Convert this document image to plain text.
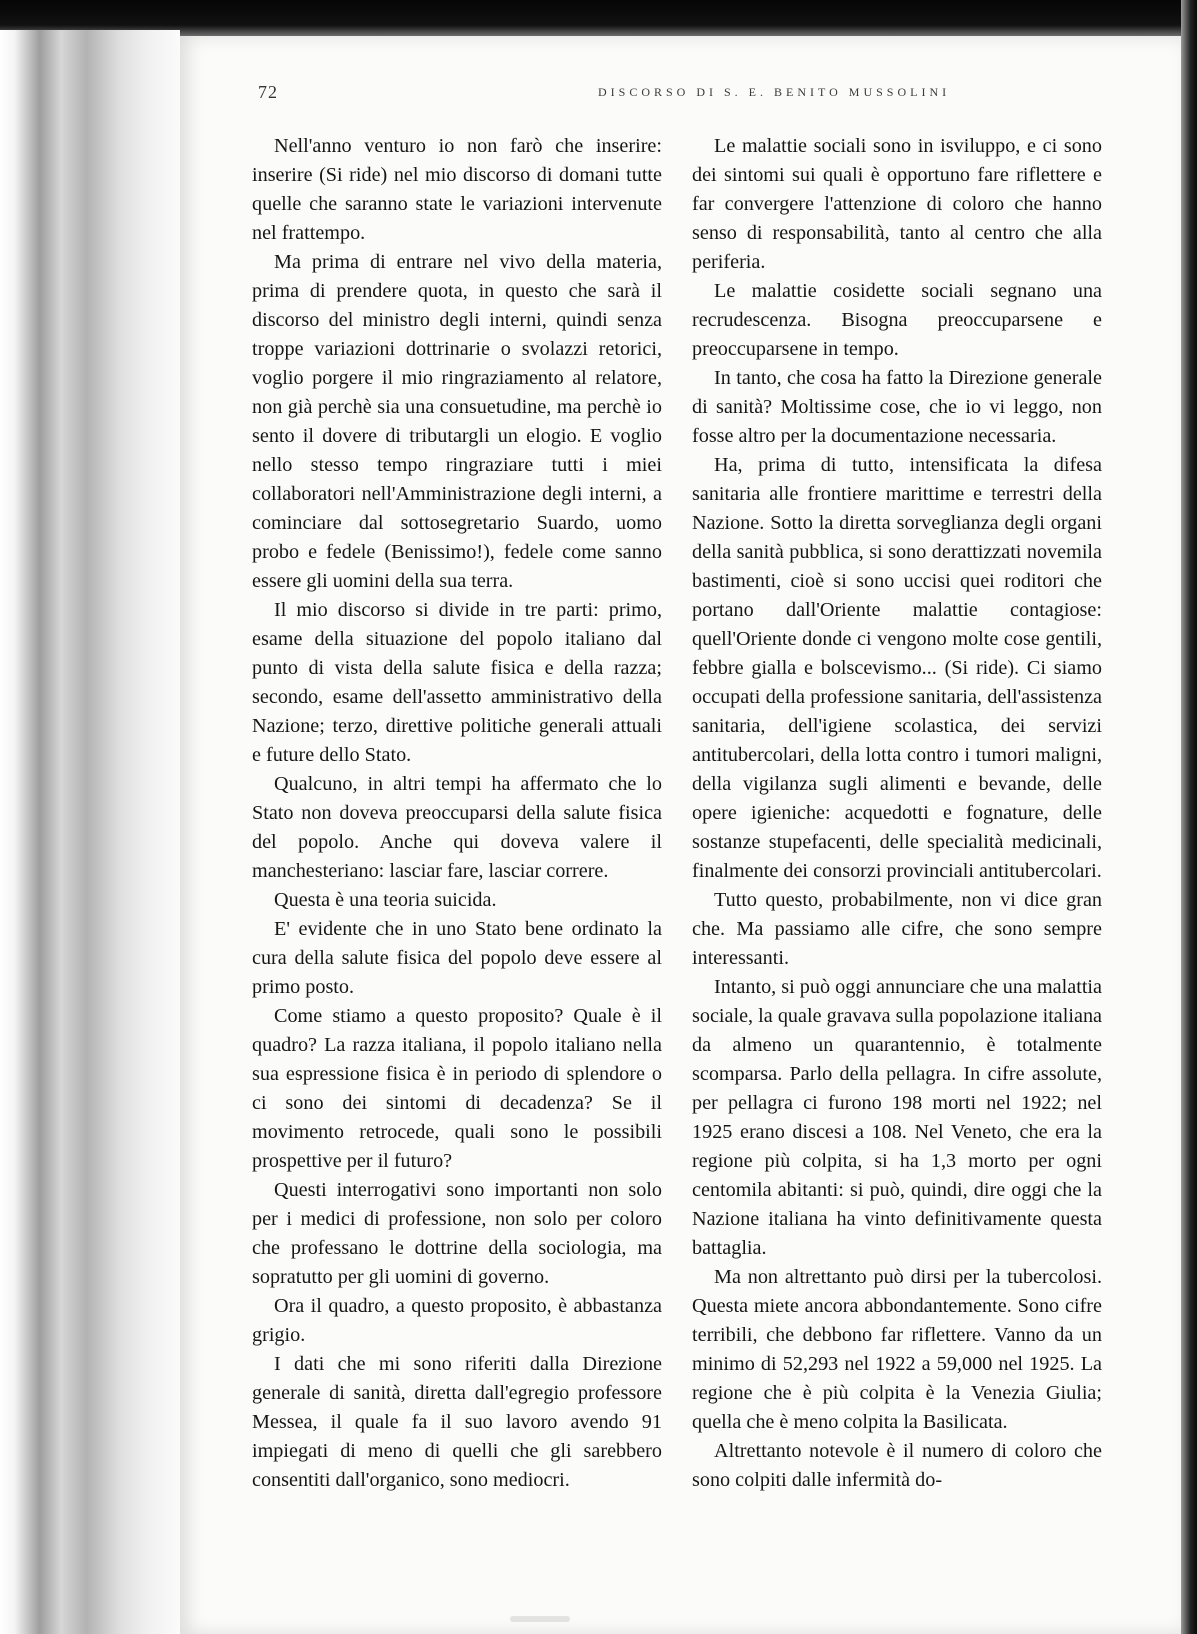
72	DISCORSO DI S. E. BENITO MUSSOLINI

Nell'anno venturo io non farò che inserire: inserire (Si ride) nel mio discorso di domani tutte quelle che saranno state le variazioni intervenute nel frattempo.

Ma prima di entrare nel vivo della materia, prima di prendere quota, in questo che sarà il discorso del ministro degli interni, quindi senza troppe variazioni dottrinarie o svolazzi retorici, voglio porgere il mio ringraziamento al relatore, non già perchè sia una consuetudine, ma perchè io sento il dovere di tributargli un elogio. E voglio nello stesso tempo ringraziare tutti i miei collaboratori nell'Amministrazione degli interni, a cominciare dal sottosegretario Suardo, uomo probo e fedele (Benissimo!), fedele come sanno essere gli uomini della sua terra.

Il mio discorso si divide in tre parti: primo, esame della situazione del popolo italiano dal punto di vista della salute fisica e della razza; secondo, esame dell'assetto amministrativo della Nazione; terzo, direttive politiche generali attuali e future dello Stato.

Qualcuno, in altri tempi ha affermato che lo Stato non doveva preoccuparsi della salute fisica del popolo. Anche qui doveva valere il manchesteriano: lasciar fare, lasciar correre.

Questa è una teoria suicida.

E' evidente che in uno Stato bene ordinato la cura della salute fisica del popolo deve essere al primo posto.

Come stiamo a questo proposito? Quale è il quadro? La razza italiana, il popolo italiano nella sua espressione fisica è in periodo di splendore o ci sono dei sintomi di decadenza? Se il movimento retrocede, quali sono le possibili prospettive per il futuro?

Questi interrogativi sono importanti non solo per i medici di professione, non solo per coloro che professano le dottrine della sociologia, ma sopratutto per gli uomini di governo.

Ora il quadro, a questo proposito, è abbastanza grigio.

I dati che mi sono riferiti dalla Direzione generale di sanità, diretta dall'egregio professore Messea, il quale fa il suo lavoro avendo 91 impiegati di meno di quelli che gli sarebbero consentiti dall'organico, sono mediocri.

Le malattie sociali sono in isviluppo, e ci sono dei sintomi sui quali è opportuno fare riflettere e far convergere l'attenzione di coloro che hanno senso di responsabilità, tanto al centro che alla periferia.

Le malattie cosidette sociali segnano una recrudescenza. Bisogna preoccuparsene e preoccuparsene in tempo.

In tanto, che cosa ha fatto la Direzione generale di sanità? Moltissime cose, che io vi leggo, non fosse altro per la documentazione necessaria.

Ha, prima di tutto, intensificata la difesa sanitaria alle frontiere marittime e terrestri della Nazione. Sotto la diretta sorveglianza degli organi della sanità pubblica, si sono derattizzati novemila bastimenti, cioè si sono uccisi quei roditori che portano dall'Oriente malattie contagiose: quell'Oriente donde ci vengono molte cose gentili, febbre gialla e bolscevismo... (Si ride). Ci siamo occupati della professione sanitaria, dell'assistenza sanitaria, dell'igiene scolastica, dei servizi antitubercolari, della lotta contro i tumori maligni, della vigilanza sugli alimenti e bevande, delle opere igieniche: acquedotti e fognature, delle sostanze stupefacenti, delle specialità medicinali, finalmente dei consorzi provinciali antitubercolari.

Tutto questo, probabilmente, non vi dice gran che. Ma passiamo alle cifre, che sono sempre interessanti.

Intanto, si può oggi annunciare che una malattia sociale, la quale gravava sulla popolazione italiana da almeno un quarantennio, è totalmente scomparsa. Parlo della pellagra. In cifre assolute, per pellagra ci furono 198 morti nel 1922; nel 1925 erano discesi a 108. Nel Veneto, che era la regione più colpita, si ha 1,3 morto per ogni centomila abitanti: si può, quindi, dire oggi che la Nazione italiana ha vinto definitivamente questa battaglia.

Ma non altrettanto può dirsi per la tubercolosi. Questa miete ancora abbondantemente. Sono cifre terribili, che debbono far riflettere. Vanno da un minimo di 52,293 nel 1922 a 59,000 nel 1925. La regione che è più colpita è la Venezia Giulia; quella che è meno colpita la Basilicata.

Altrettanto notevole è il numero di coloro che sono colpiti dalle infermità do-
